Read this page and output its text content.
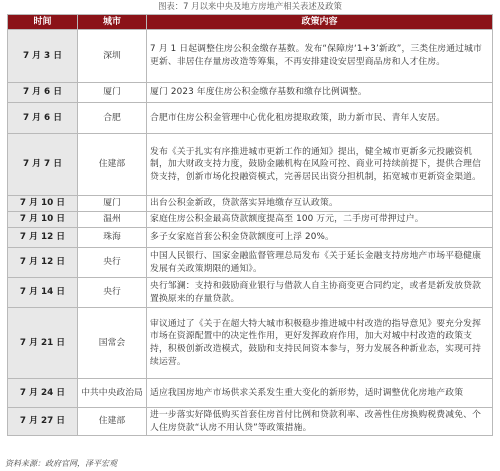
图表：7 月以来中央及地方房地产相关表述及政策
时间	城市	政策内容
7 月 3 日	深圳	7 月 1 日起调整住房公积金缴存基数。发布“保障房‘1+3’新政”，三类住房通过城市更新、非居住存量房改造等筹集，不再安排建设安居型商品房和人才住房。
7 月 6 日	厦门	厦门 2023 年度住房公积金缴存基数和缴存比例调整。
7 月 6 日	合肥	合肥市住房公积金管理中心优化租房提取政策，助力新市民、青年人安居。
7 月 7 日	住建部	发布《关于扎实有序推进城市更新工作的通知》提出，健全城市更新多元投融资机制，加大财政支持力度，鼓励金融机构在风险可控、商业可持续前提下，提供合理信贷支持，创新市场化投融资模式，完善居民出资分担机制，拓宽城市更新资金渠道。
7 月 10 日	厦门	出台公积金新政，贷款落实异地缴存互认政策。
7 月 10 日	温州	家庭住房公积金最高贷款额度提高至 100 万元，二手房可带押过户。
7 月 12 日	珠海	多子女家庭首套公积金贷款额度可上浮 20%。
7 月 12 日	央行	中国人民银行、国家金融监督管理总局发布《关于延长金融支持房地产市场平稳健康发展有关政策期限的通知》。
7 月 14 日	央行	央行邹澜：支持和鼓励商业银行与借款人自主协商变更合同约定，或者是新发放贷款置换原来的存量贷款。
7 月 21 日	国常会	审议通过了《关于在超大特大城市积极稳步推进城中村改造的指导意见》要充分发挥市场在资源配置中的决定性作用，更好发挥政府作用，加大对城中村改造的政策支持，积极创新改造模式，鼓励和支持民间资本参与，努力发展各种新业态，实现可持续运营。
7 月 24 日	中共中央政治局	适应我国房地产市场供求关系发生重大变化的新形势，适时调整优化房地产政策
7 月 27 日	住建部	进一步落实好降低购买首套住房首付比例和贷款利率、改善性住房换购税费减免、个人住房贷款“认房不用认贷”等政策措施。
资料来源：政府官网，泽平宏观
